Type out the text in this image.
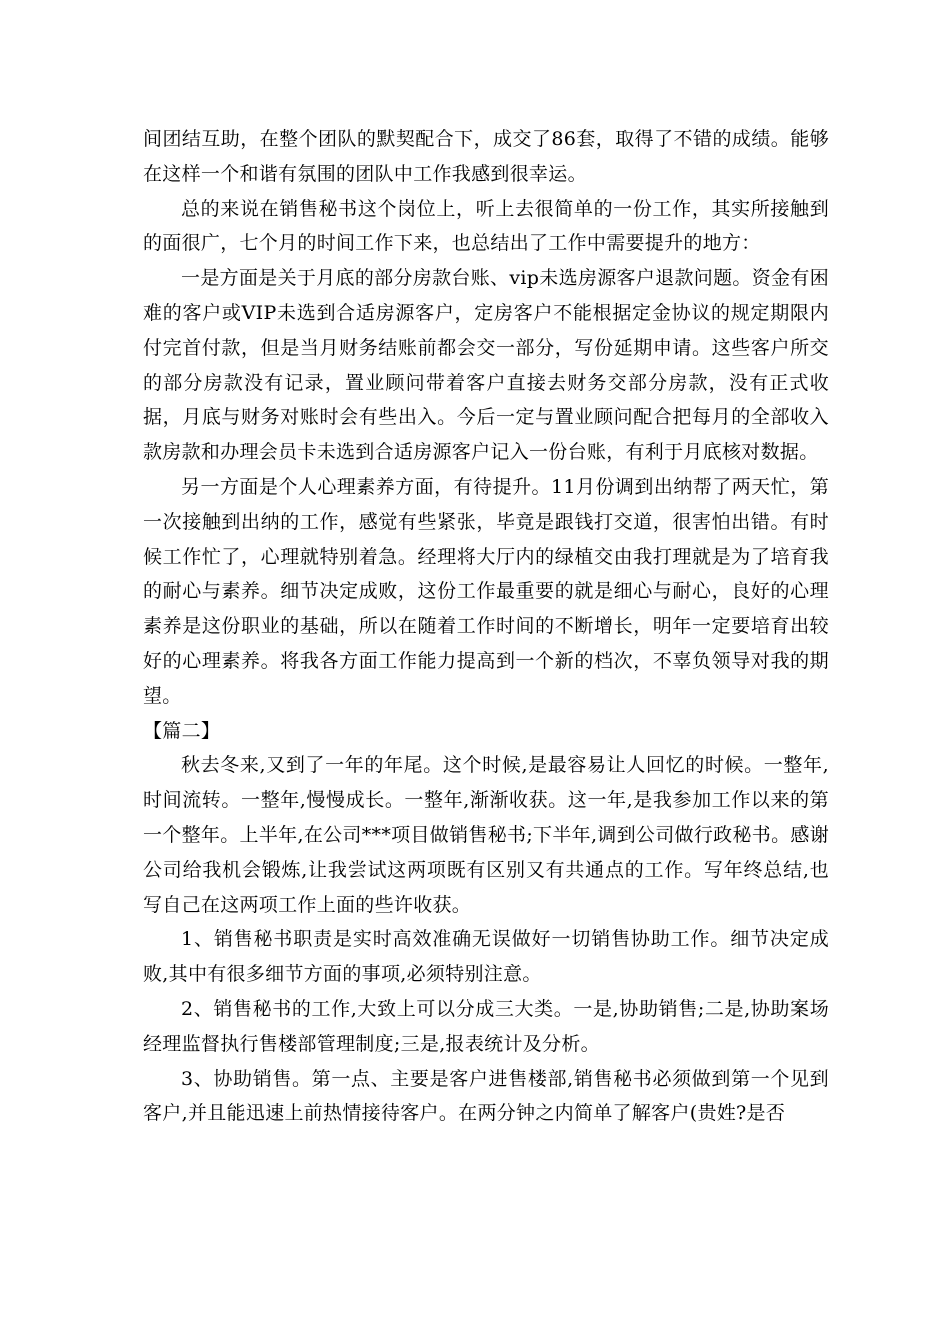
间团结互助，在整个团队的默契配合下，成交了86套，取得了不错的成绩。能够在这样一个和谐有氛围的团队中工作我感到很幸运。

总的来说在销售秘书这个岗位上，听上去很简单的一份工作，其实所接触到的面很广，七个月的时间工作下来，也总结出了工作中需要提升的地方：

一是方面是关于月底的部分房款台账、vip未选房源客户退款问题。资金有困难的客户或VIP未选到合适房源客户，定房客户不能根据定金协议的规定期限内付完首付款，但是当月财务结账前都会交一部分，写份延期申请。这些客户所交的部分房款没有记录，置业顾问带着客户直接去财务交部分房款，没有正式收据，月底与财务对账时会有些出入。今后一定与置业顾问配合把每月的全部收入款房款和办理会员卡未选到合适房源客户记入一份台账，有利于月底核对数据。

另一方面是个人心理素养方面，有待提升。11月份调到出纳帮了两天忙，第一次接触到出纳的工作，感觉有些紧张，毕竟是跟钱打交道，很害怕出错。有时候工作忙了，心理就特别着急。经理将大厅内的绿植交由我打理就是为了培育我的耐心与素养。细节决定成败，这份工作最重要的就是细心与耐心，良好的心理素养是这份职业的基础，所以在随着工作时间的不断增长，明年一定要培育出较好的心理素养。将我各方面工作能力提高到一个新的档次，不辜负领导对我的期望。

【篇二】

秋去冬来,又到了一年的年尾。这个时候,是最容易让人回忆的时候。一整年,时间流转。一整年,慢慢成长。一整年,渐渐收获。这一年,是我参加工作以来的第一个整年。上半年,在公司***项目做销售秘书;下半年,调到公司做行政秘书。感谢公司给我机会锻炼,让我尝试这两项既有区别又有共通点的工作。写年终总结,也写自己在这两项工作上面的些许收获。

1、销售秘书职责是实时高效准确无误做好一切销售协助工作。细节决定成败,其中有很多细节方面的事项,必须特别注意。

2、销售秘书的工作,大致上可以分成三大类。一是,协助销售;二是,协助案场经理监督执行售楼部管理制度;三是,报表统计及分析。

3、协助销售。第一点、主要是客户进售楼部,销售秘书必须做到第一个见到客户,并且能迅速上前热情接待客户。在两分钟之内简单了解客户(贵姓?是否
